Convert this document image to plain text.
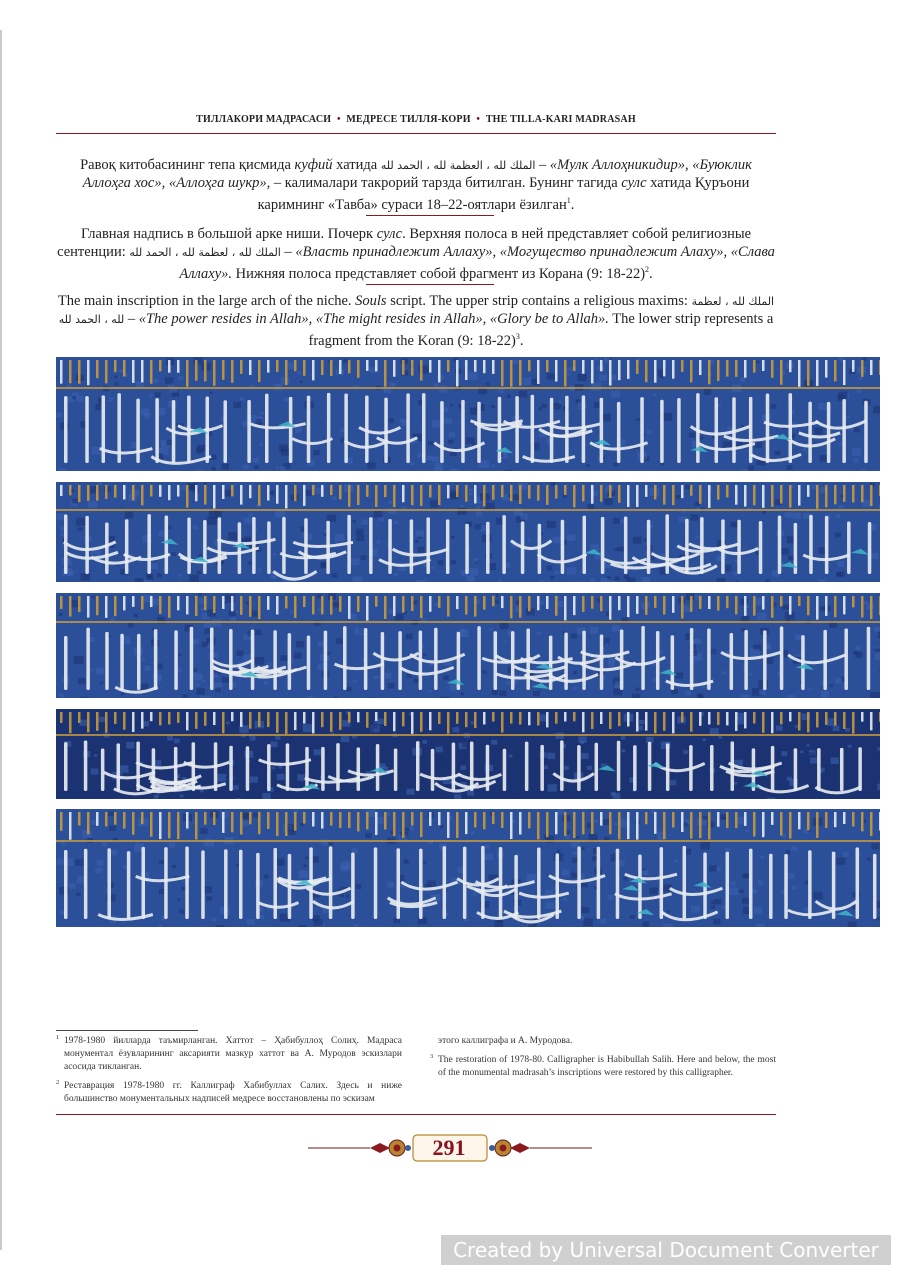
ТИЛЛАКОРИ МАДРАСАСИ • МЕДРЕСЕ ТИЛЛЯ-КОРИ • THE TILLA-KARI MADRASAH
Равоқ китобасининг тепа қисмида куфий хатида الملك لله ، العظمة لله ، الحمد لله – «Мулк Аллоҳникидир», «Буюклик Аллоҳга хос», «Аллоҳга шукр», – калималари такрорий тарзда битилган. Бунинг тагида сулс хатида Қуръони каримнинг «Тавба» сураси 18–22-оятлари ёзилган$^1$.
Главная надпись в большой арке ниши. Почерк сулс. Верхняя полоса в ней представляет собой религиозные сентенции: الملك لله ، لعظمة لله ، الحمد لله – «Власть принадлежит Аллаху», «Могущество принадлежит Алаху», «Слава Аллаху». Нижняя полоса представляет собой фрагмент из Корана (9: 18-22)$^2$.
The main inscription in the large arch of the niche. Souls script. The upper strip contains a religious maxims: الملك لله ، لعظمة لله ، الحمد لله – «The power resides in Allah», «The might resides in Allah», «Glory be to Allah». The lower strip represents a fragment from the Koran (9: 18-22)$^3$.

1 1978-1980 йилларда таъмирланган. Хаттот – Ҳабибуллоҳ Солиҳ. Мадраса монументал ёзувларининг аксарияти мазкур хаттот ва А. Муродов эскизлари асосида тикланган.

2 Реставрация 1978-1980 гг. Каллиграф Хабибуллах Салих. Здесь и ниже большинство монументальных надписей медресе восстановлены по эскизам

этого каллиграфа и А. Муродова.

3 The restoration of 1978-80. Calligrapher is Habibullah Salih. Here and below, the most of the monumental madrasah’s inscriptions were restored by this calligrapher.

291
Created by Universal Document Converter
